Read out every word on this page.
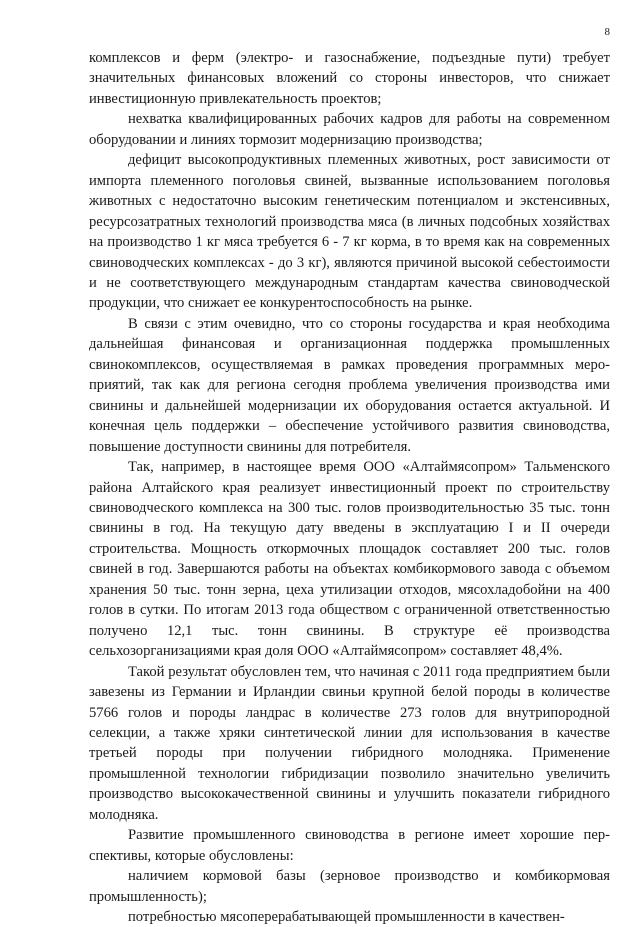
8

комплексов и ферм (электро- и газоснабжение, подъездные пути) требует значительных финансовых вложений со стороны инвесторов, что снижает инвестиционную привлекательность проектов;

нехватка квалифицированных рабочих кадров для работы на современном оборудовании и линиях тормозит модернизацию производства;

дефицит высокопродуктивных племенных животных, рост зависимости от импорта племенного поголовья свиней, вызванные использованием поголовья животных с недостаточно высоким генетическим потенциалом и экстенсивных, ресурсозатратных технологий производства мяса (в личных подсобных хозяйствах на производство 1 кг мяса требуется 6 - 7 кг корма, в то время как на современных свиноводческих комплексах - до 3 кг), являются причиной высокой себестоимости и не соответствующего международным стандартам качества свиноводческой продукции, что снижает ее конкурентоспособность на рынке.

В связи с этим очевидно, что со стороны государства и края необходима дальнейшая финансовая и организационная поддержка промышленных свинокомплексов, осуществляемая в рамках проведения программных мероприятий, так как для региона сегодня проблема увеличения производства ими свинины и дальнейшей модернизации их оборудования остается актуальной. И конечная цель поддержки – обеспечение устойчивого развития свиноводства, повышение доступности свинины для потребителя.

Так, например, в настоящее время ООО «Алтаймясопром» Тальменского района Алтайского края реализует инвестиционный проект по строительству свиноводческого комплекса на 300 тыс. голов производительностью 35 тыс. тонн свинины в год. На текущую дату введены в эксплуатацию I и II очереди строительства. Мощность откормочных площадок составляет 200 тыс. голов свиней в год. Завершаются работы на объектах комбикормового завода с объемом хранения 50 тыс. тонн зерна, цеха утилизации отходов, мясохладобойни на 400 голов в сутки. По итогам 2013 года обществом с ограниченной ответственностью получено 12,1 тыс. тонн свинины. В структуре её производства сельхозорганизациями края доля ООО «Алтаймясопром» составляет 48,4%.

Такой результат обусловлен тем, что начиная с 2011 года предприятием были завезены из Германии и Ирландии свиньи крупной белой породы в количестве 5766 голов и породы ландрас в количестве 273 голов для внутрипородной селекции, а также хряки синтетической линии для использования в качестве третьей породы при получении гибридного молодняка. Применение промышленной технологии гибридизации позволило значительно увеличить производство высококачественной свинины и улучшить показатели гибридного молодняка.

Развитие промышленного свиноводства в регионе имеет хорошие перспективы, которые обусловлены:

наличием кормовой базы (зерновое производство и комбикормовая промышленность);

потребностью мясоперерабатывающей промышленности в качествен-
